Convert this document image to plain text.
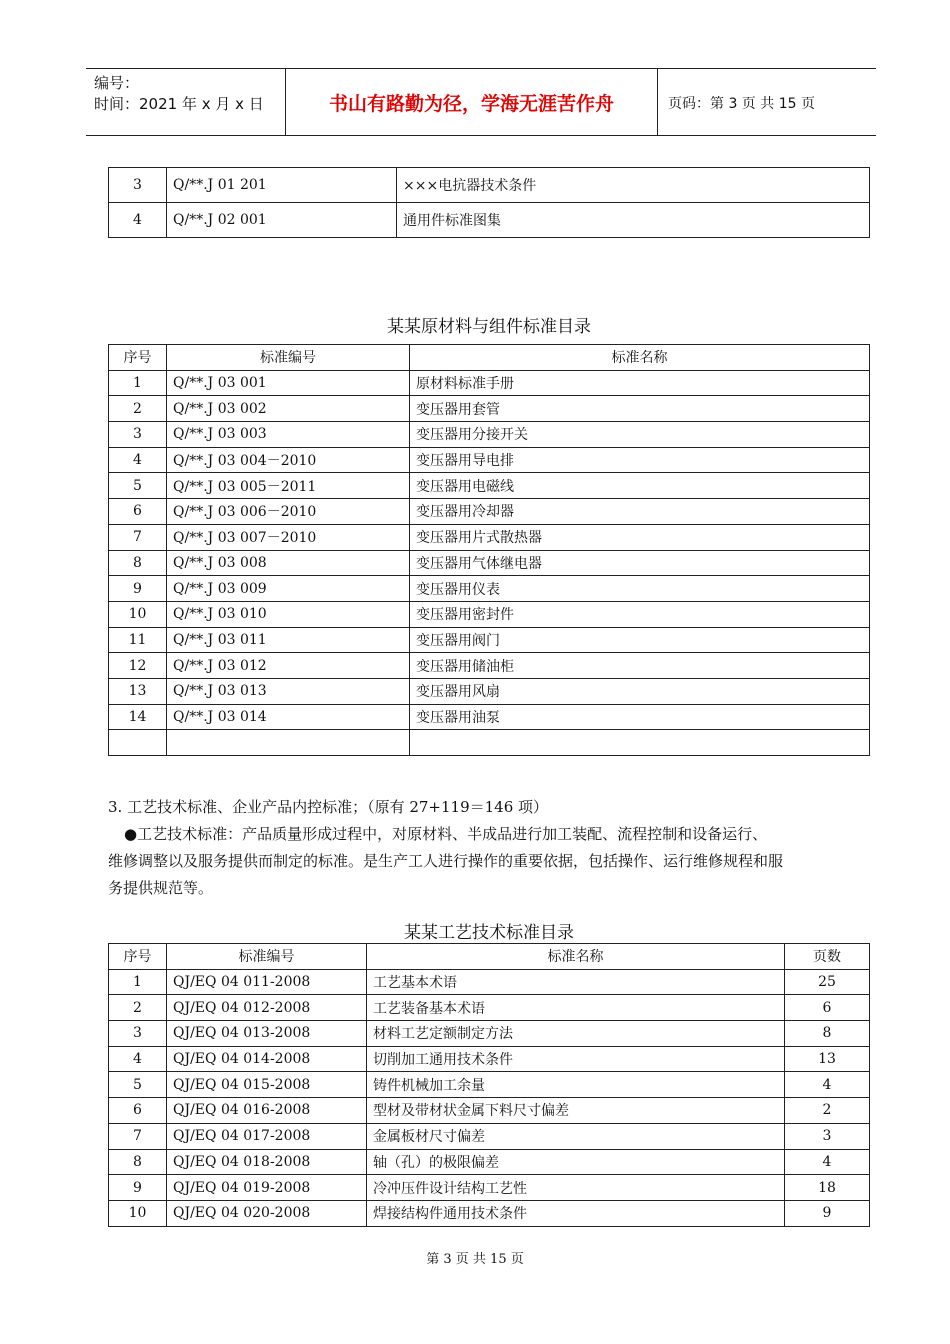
编号：
时间：2021 年 x 月 x 日	书山有路勤为径，学海无涯苦作舟	页码：第 3 页 共 15 页
3	Q/**.J 01 201	×××电抗器技术条件
4	Q/**.J 02 001	通用件标准图集
某某原材料与组件标准目录
序号	标准编号	标准名称
1	Q/**.J 03 001	原材料标准手册
2	Q/**.J 03 002	变压器用套管
3	Q/**.J 03 003	变压器用分接开关
4	Q/**.J 03 004－2010	变压器用导电排
5	Q/**.J 03 005－2011	变压器用电磁线
6	Q/**.J 03 006－2010	变压器用冷却器
7	Q/**.J 03 007－2010	变压器用片式散热器
8	Q/**.J 03 008	变压器用气体继电器
9	Q/**.J 03 009	变压器用仪表
10	Q/**.J 03 010	变压器用密封件
11	Q/**.J 03 011	变压器用阀门
12	Q/**.J 03 012	变压器用储油柜
13	Q/**.J 03 013	变压器用风扇
14	Q/**.J 03 014	变压器用油泵

3. 工艺技术标准、企业产品内控标准；（原有 27+119＝146 项）
●工艺技术标准：产品质量形成过程中，对原材料、半成品进行加工装配、流程控制和设备运行、
维修调整以及服务提供而制定的标准。是生产工人进行操作的重要依据，包括操作、运行维修规程和服
务提供规范等。
某某工艺技术标准目录
序号	标准编号	标准名称	页数
1	QJ/EQ 04 011-2008	工艺基本术语	25
2	QJ/EQ 04 012-2008	工艺装备基本术语	6
3	QJ/EQ 04 013-2008	材料工艺定额制定方法	8
4	QJ/EQ 04 014-2008	切削加工通用技术条件	13
5	QJ/EQ 04 015-2008	铸件机械加工余量	4
6	QJ/EQ 04 016-2008	型材及带材状金属下料尺寸偏差	2
7	QJ/EQ 04 017-2008	金属板材尺寸偏差	3
8	QJ/EQ 04 018-2008	轴（孔）的极限偏差	4
9	QJ/EQ 04 019-2008	冷冲压件设计结构工艺性	18
10	QJ/EQ 04 020-2008	焊接结构件通用技术条件	9
第 3 页 共 15 页
